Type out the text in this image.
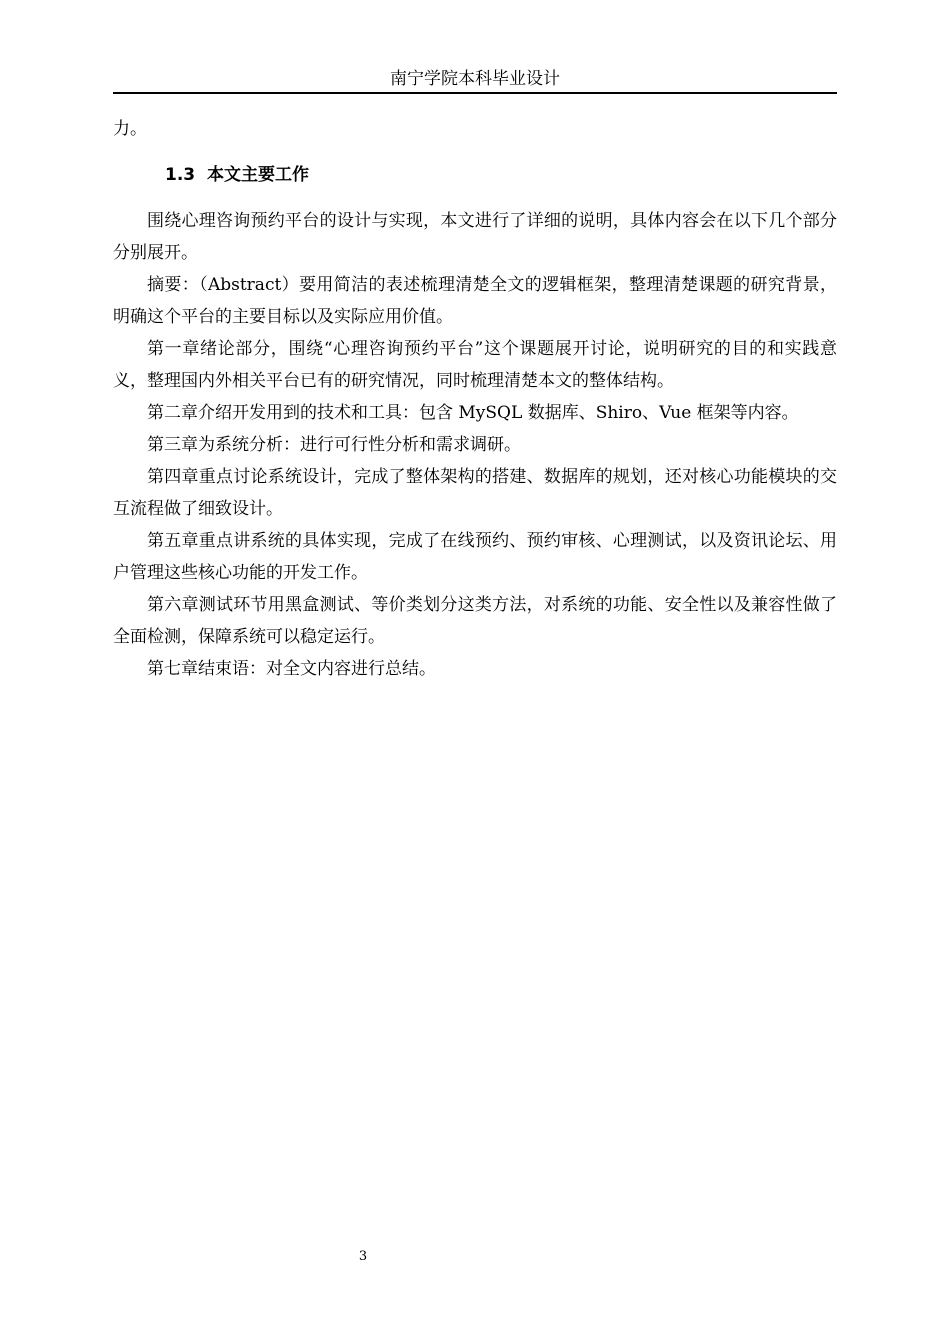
南宁学院本科毕业设计

力。

1.3 本文主要工作

围绕心理咨询预约平台的设计与实现，本文进行了详细的说明，具体内容会在以下几个部分分别展开。

摘要：（Abstract）要用简洁的表述梳理清楚全文的逻辑框架，整理清楚课题的研究背景，明确这个平台的主要目标以及实际应用价值。

第一章绪论部分，围绕“心理咨询预约平台”这个课题展开讨论，说明研究的目的和实践意义，整理国内外相关平台已有的研究情况，同时梳理清楚本文的整体结构。

第二章介绍开发用到的技术和工具：包含 MySQL 数据库、Shiro、Vue 框架等内容。

第三章为系统分析：进行可行性分析和需求调研。

第四章重点讨论系统设计，完成了整体架构的搭建、数据库的规划，还对核心功能模块的交互流程做了细致设计。

第五章重点讲系统的具体实现，完成了在线预约、预约审核、心理测试，以及资讯论坛、用户管理这些核心功能的开发工作。

第六章测试环节用黑盒测试、等价类划分这类方法，对系统的功能、安全性以及兼容性做了全面检测，保障系统可以稳定运行。

第七章结束语：对全文内容进行总结。

3
